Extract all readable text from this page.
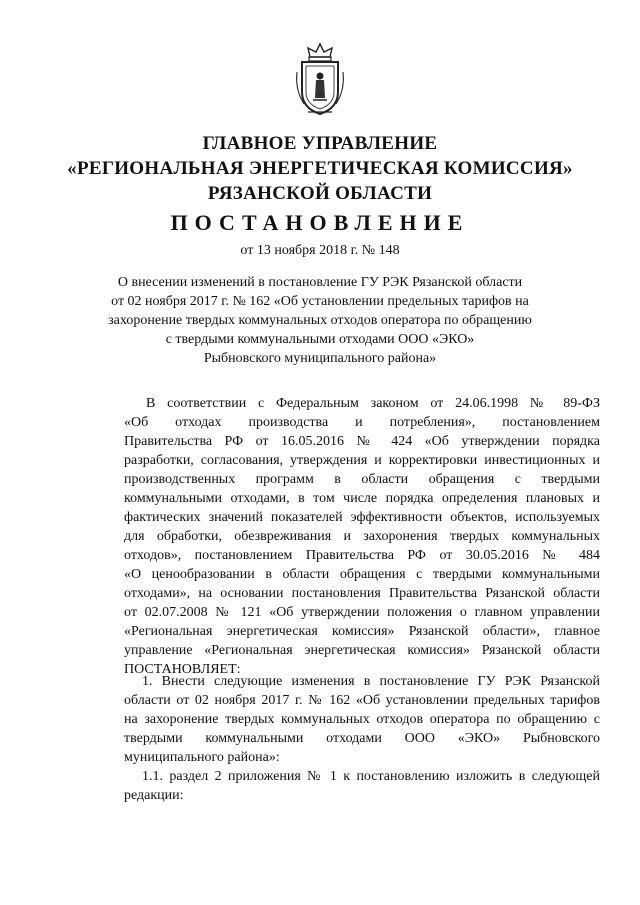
ГЛАВНОЕ УПРАВЛЕНИЕ
«РЕГИОНАЛЬНАЯ ЭНЕРГЕТИЧЕСКАЯ КОМИССИЯ»
РЯЗАНСКОЙ ОБЛАСТИ
ПОСТАНОВЛЕНИЕ
от 13 ноября 2018 г. № 148
О внесении изменений в постановление ГУ РЭК Рязанской области
от 02 ноября 2017 г. № 162 «Об установлении предельных тарифов на
захоронение твердых коммунальных отходов оператора по обращению
с твердыми коммунальными отходами ООО «ЭКО»
Рыбновского муниципального района»
В соответствии с Федеральным законом от 24.06.1998 № 89-ФЗ
«Об отходах производства и потребления», постановлением
Правительства РФ от 16.05.2016 № 424 «Об утверждении порядка
разработки, согласования, утверждения и корректировки инвестиционных и
производственных программ в области обращения с твердыми
коммунальными отходами, в том числе порядка определения плановых и
фактических значений показателей эффективности объектов, используемых
для обработки, обезвреживания и захоронения твердых коммунальных
отходов», постановлением Правительства РФ от 30.05.2016 № 484
«О ценообразовании в области обращения с твердыми коммунальными
отходами», на основании постановления Правительства Рязанской области
от 02.07.2008 № 121 «Об утверждении положения о главном управлении
«Региональная энергетическая комиссия» Рязанской области», главное
управление «Региональная энергетическая комиссия» Рязанской области
ПОСТАНОВЛЯЕТ:
1. Внести следующие изменения в постановление ГУ РЭК Рязанской
области от 02 ноября 2017 г. № 162 «Об установлении предельных тарифов
на захоронение твердых коммунальных отходов оператора по обращению с
твердыми коммунальными отходами ООО «ЭКО» Рыбновского
муниципального района»:
1.1. раздел 2 приложения № 1 к постановлению изложить в следующей
редакции:
